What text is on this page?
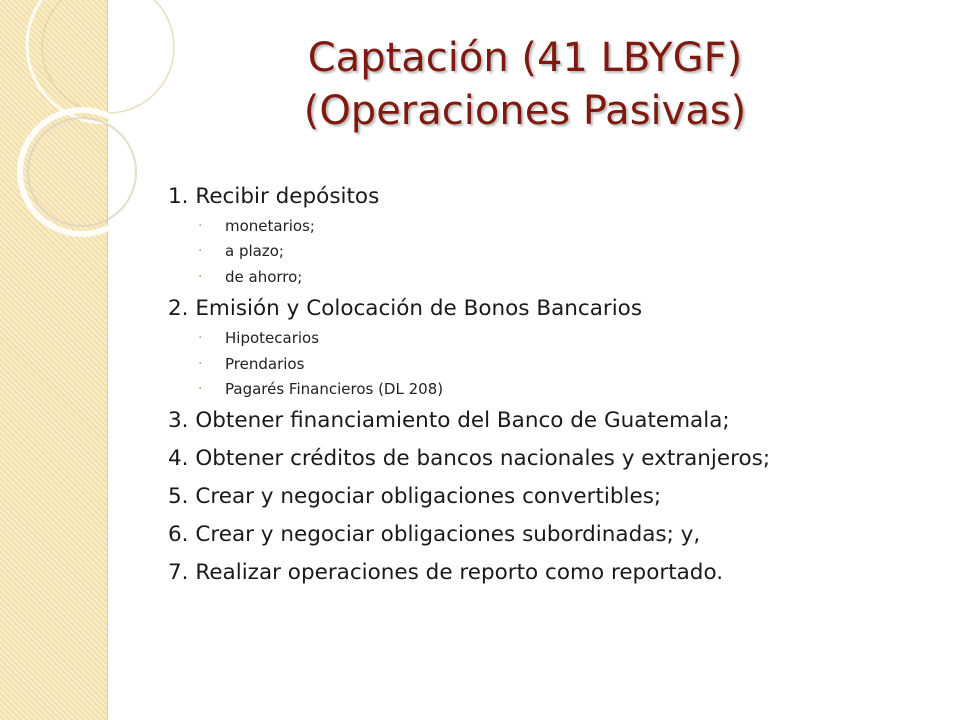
Captación (41 LBYGF)
(Operaciones Pasivas)
1. Recibir depósitos
· monetarios;
· a plazo;
· de ahorro;
2. Emisión y Colocación de Bonos Bancarios
· Hipotecarios
· Prendarios
· Pagarés Financieros (DL 208)
3. Obtener financiamiento del Banco de Guatemala;
4. Obtener créditos de bancos nacionales y extranjeros;
5. Crear y negociar obligaciones convertibles;
6. Crear y negociar obligaciones subordinadas; y,
7. Realizar operaciones de reporto como reportado.
